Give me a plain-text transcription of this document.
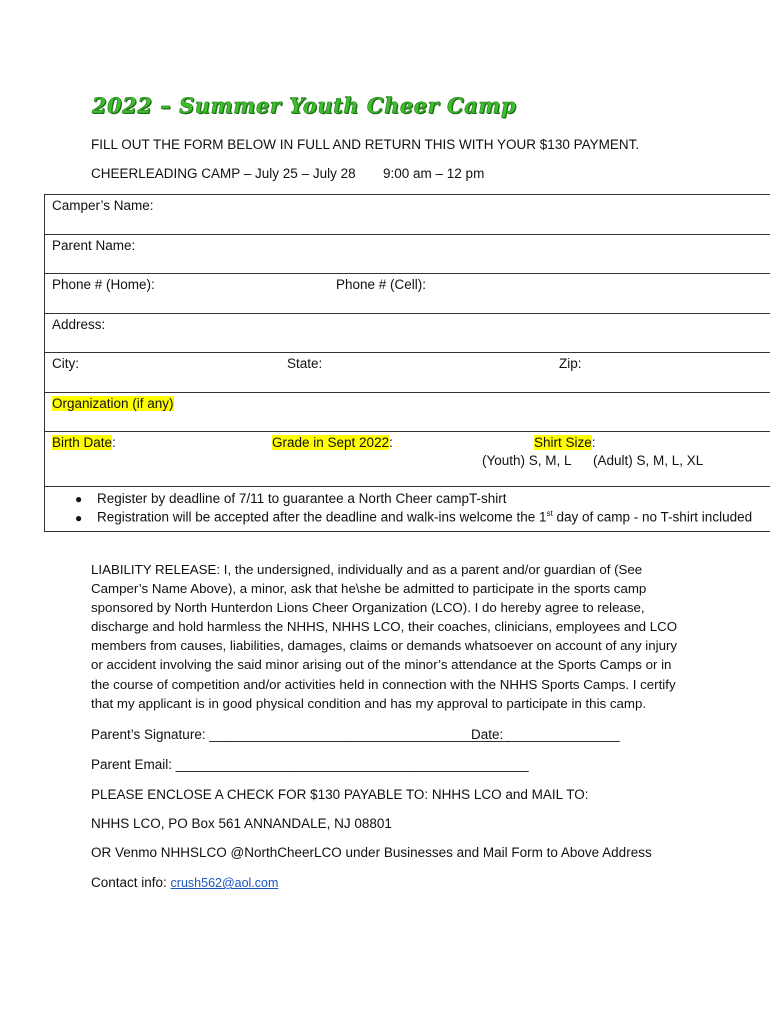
2022 – Summer Youth Cheer Camp
FILL OUT THE FORM BELOW IN FULL AND RETURN THIS WITH YOUR $130 PAYMENT.
CHEERLEADING CAMP – July 25 – July 28 9:00 am – 12 pm
Camper’s Name:
Parent Name:
Phone # (Home):	Phone # (Cell):
Address:
City:	State:	Zip:
Organization (if any)
Birth Date:	Grade in Sept 2022:	Shirt Size:
(Youth) S, M, L (Adult) S, M, L, XL
● Register by deadline of 7/11 to guarantee a North Cheer campT-shirt
● Registration will be accepted after the deadline and walk-ins welcome the 1st day of camp - no T-shirt included
LIABILITY RELEASE: I, the undersigned, individually and as a parent and/or guardian of (See Camper’s Name Above), a minor, ask that he\she be admitted to participate in the sports camp sponsored by North Hunterdon Lions Cheer Organization (LCO). I do hereby agree to release, discharge and hold harmless the NHHS, NHHS LCO, their coaches, clinicians, employees and LCO members from causes, liabilities, damages, claims or demands whatsoever on account of any injury or accident involving the said minor arising out of the minor’s attendance at the Sports Camps or in the course of competition and/or activities held in connection with the NHHS Sports Camps. I certify that my applicant is in good physical condition and has my approval to participate in this camp.
Parent’s Signature: ________________________________________
Date: _______________
Parent Email: _______________________________________________
PLEASE ENCLOSE A CHECK FOR $130 PAYABLE TO: NHHS LCO and MAIL TO:
NHHS LCO, PO Box 561 ANNANDALE, NJ 08801
OR Venmo NHHSLCO @NorthCheerLCO under Businesses and Mail Form to Above Address
Contact info: crush562@aol.com
